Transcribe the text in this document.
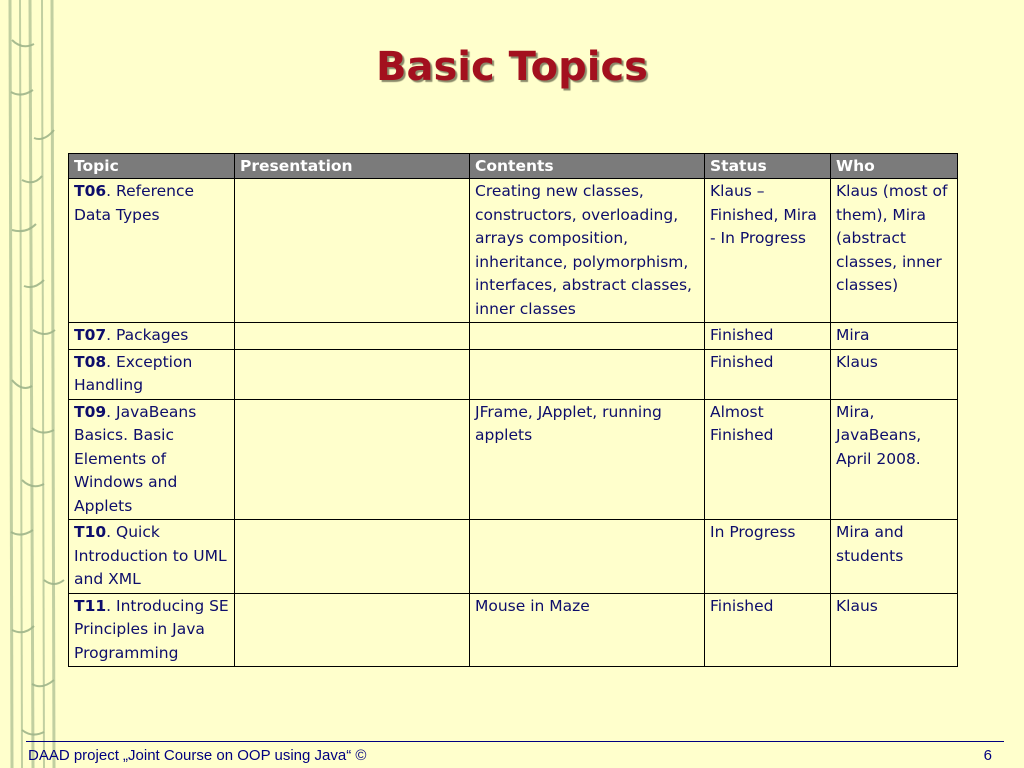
Basic Topics
Topic	Presentation	Contents	Status	Who
T06. Reference Data Types		Creating new classes, constructors, overloading, arrays composition, inheritance, polymorphism, interfaces, abstract classes, inner classes	Klaus – Finished, Mira - In Progress	Klaus (most of them), Mira (abstract classes, inner classes)
T07. Packages			Finished	Mira
T08. Exception Handling			Finished	Klaus
T09. JavaBeans Basics. Basic Elements of Windows and Applets		JFrame, JApplet, running applets	Almost Finished	Mira, JavaBeans, April 2008.
T10. Quick Introduction to UML and XML			In Progress	Mira and students
T11. Introducing SE Principles in Java Programming		Mouse in Maze	Finished	Klaus
DAAD project „Joint Course on OOP using Java“ ©	6
